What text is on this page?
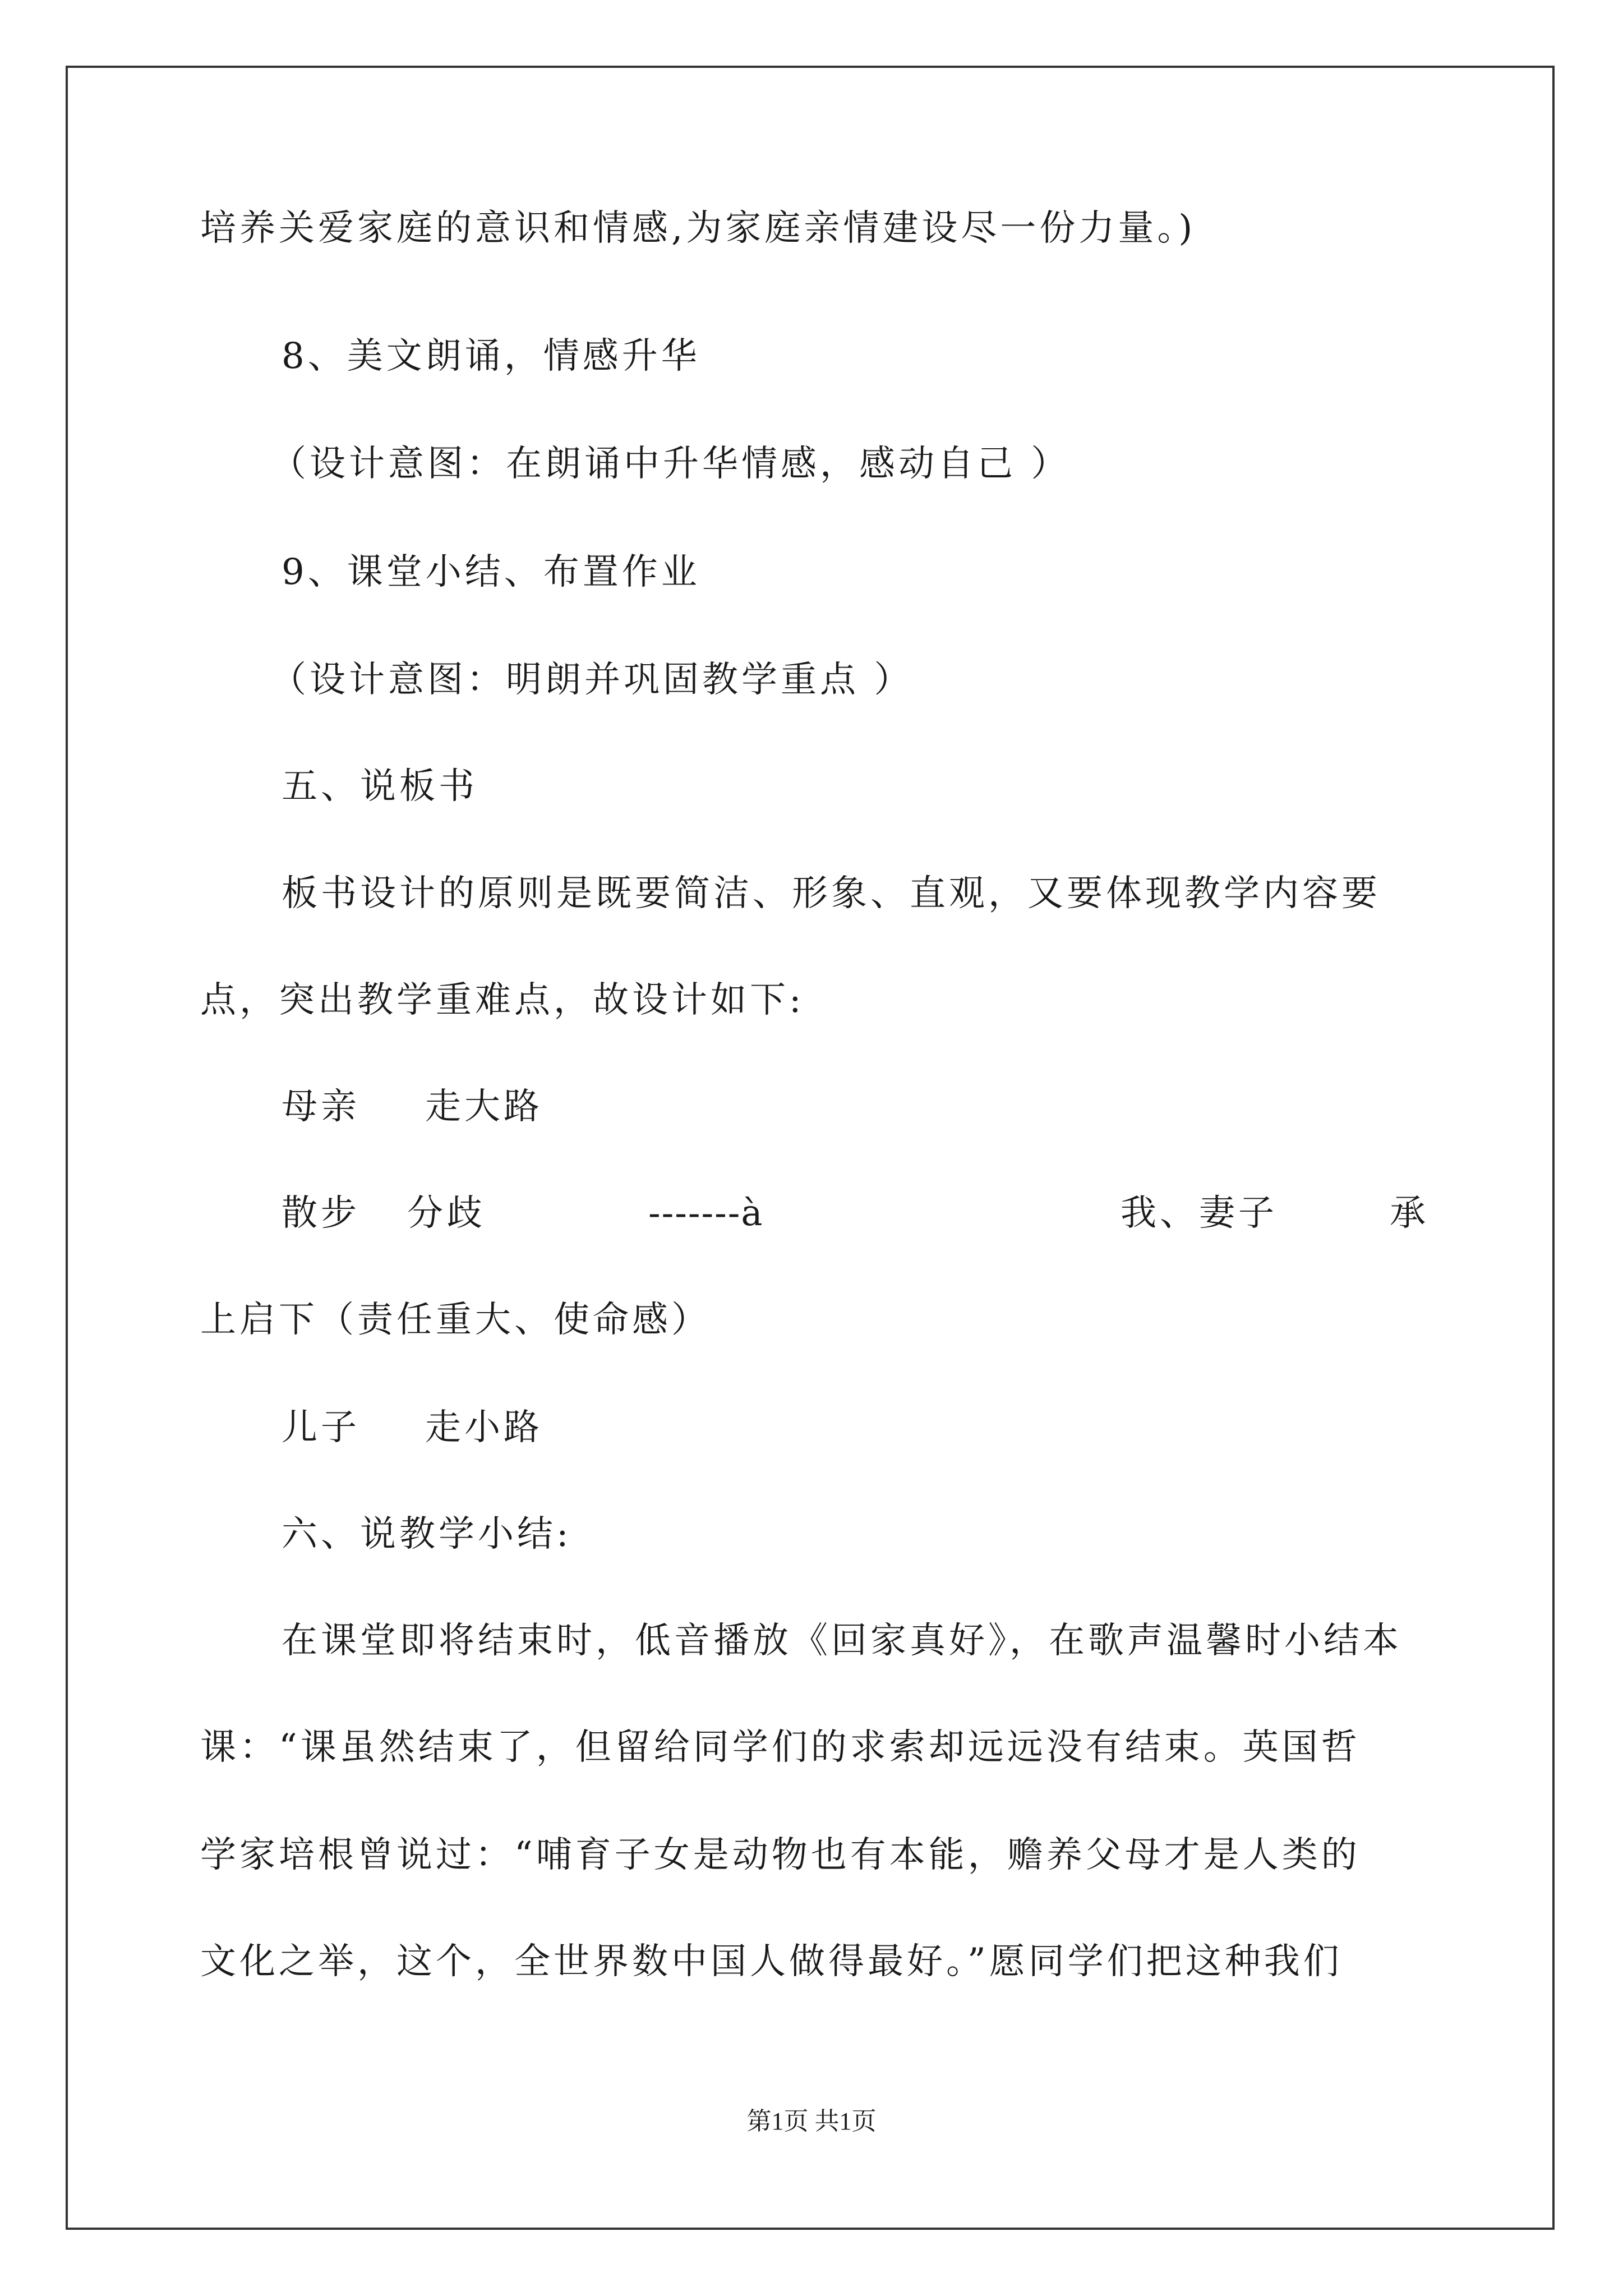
培养关爱家庭的意识和情感,为家庭亲情建设尽一份力量。)
8、美文朗诵，情感升华
（设计意图：在朗诵中升华情感，感动自己 ）
9、课堂小结、布置作业
（设计意图：明朗并巩固教学重点 ）
五、说板书
板书设计的原则是既要简洁、形象、直观，又要体现教学内容要
点，突出教学重难点，故设计如下:
母亲 走大路
散步 分歧	-------à	我、妻子	承
上启下（责任重大、使命感）
儿子 走小路
六、说教学小结:
在课堂即将结束时，低音播放《回家真好》，在歌声温馨时小结本
课：“课虽然结束了，但留给同学们的求索却远远没有结束。英国哲
学家培根曾说过：“哺育子女是动物也有本能，赡养父母才是人类的
文化之举，这个，全世界数中国人做得最好。”愿同学们把这种我们
第1页 共1页
